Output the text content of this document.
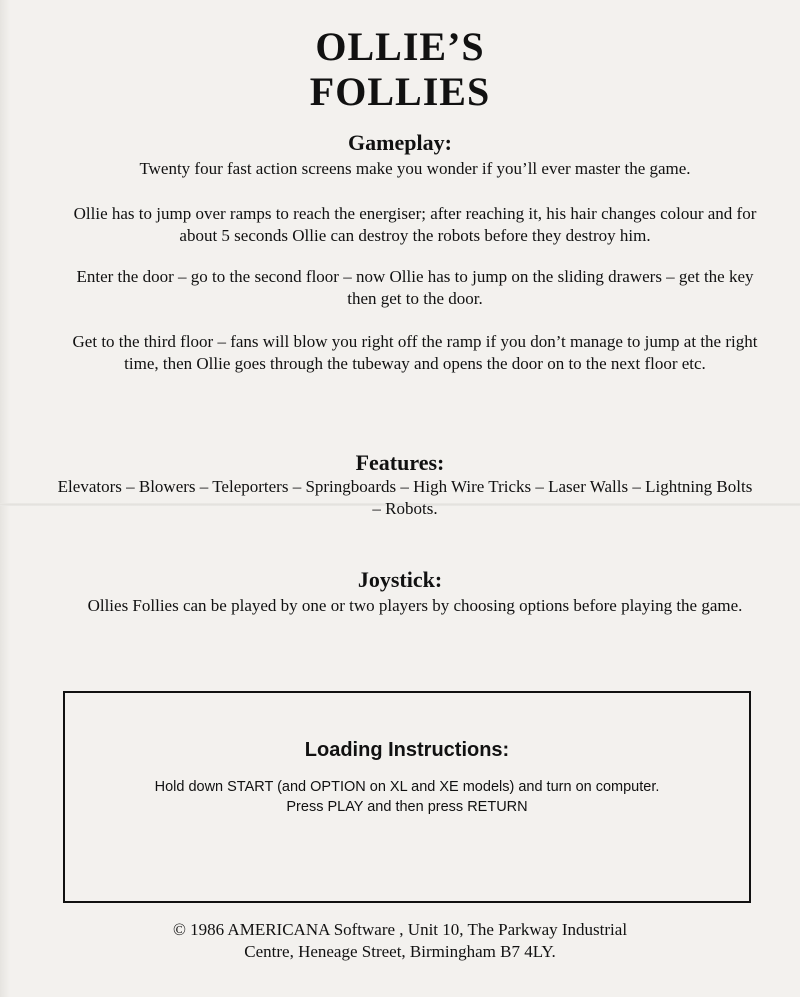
OLLIE’S
FOLLIES
Gameplay:
Twenty four fast action screens make you wonder if you’ll ever master the game.
Ollie has to jump over ramps to reach the energiser; after reaching it, his hair changes colour and for about 5 seconds Ollie can destroy the robots before they destroy him.
Enter the door – go to the second floor – now Ollie has to jump on the sliding drawers – get the key then get to the door.
Get to the third floor – fans will blow you right off the ramp if you don’t manage to jump at the right time, then Ollie goes through the tubeway and opens the door on to the next floor etc.
Features:
Elevators – Blowers – Teleporters – Springboards – High Wire Tricks – Laser Walls – Lightning Bolts – Robots.
Joystick:
Ollies Follies can be played by one or two players by choosing options before playing the game.
Loading Instructions:
Hold down START (and OPTION on XL and XE models) and turn on computer.
Press PLAY and then press RETURN
© 1986 AMERICANA Software , Unit 10, The Parkway Industrial
Centre, Heneage Street, Birmingham B7 4LY.
